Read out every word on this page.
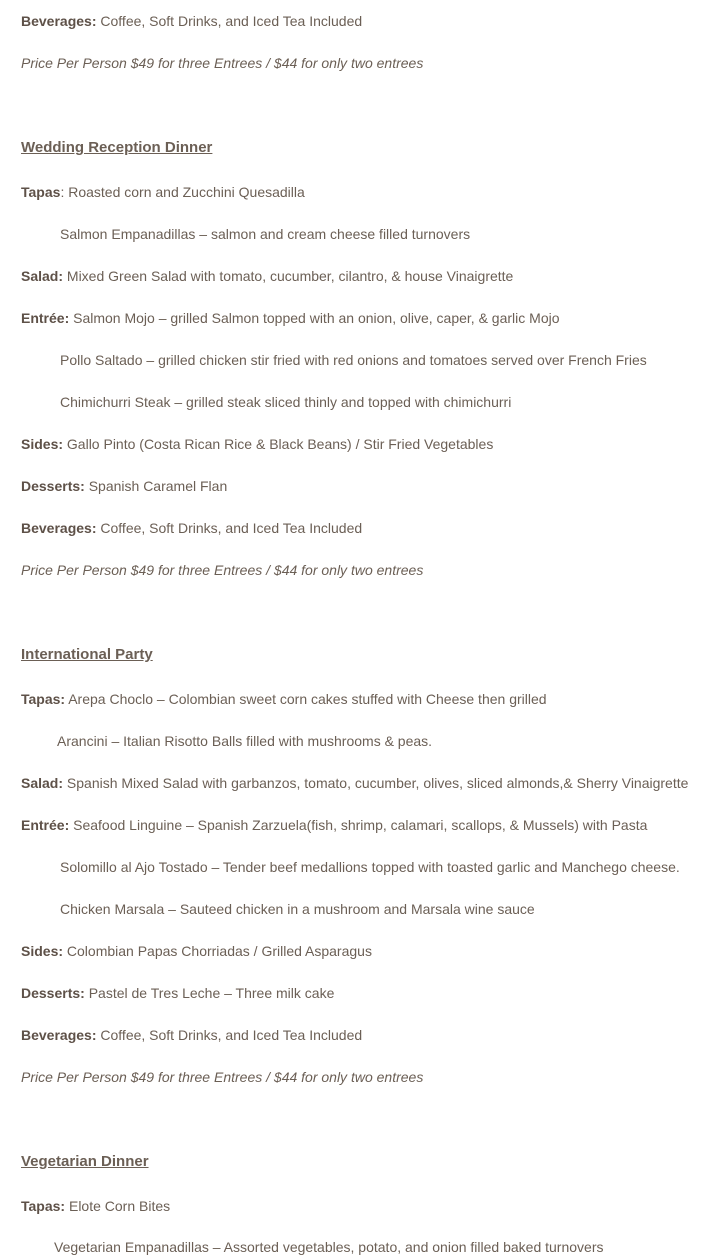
Beverages: Coffee, Soft Drinks, and Iced Tea Included
Price Per Person $49 for three Entrees / $44 for only two entrees
Wedding Reception Dinner
Tapas: Roasted corn and Zucchini Quesadilla
Salmon Empanadillas – salmon and cream cheese filled turnovers
Salad: Mixed Green Salad with tomato, cucumber, cilantro, & house Vinaigrette
Entrée: Salmon Mojo – grilled Salmon topped with an onion, olive, caper, & garlic Mojo
Pollo Saltado – grilled chicken stir fried with red onions and tomatoes served over French Fries
Chimichurri Steak – grilled steak sliced thinly and topped with chimichurri
Sides: Gallo Pinto (Costa Rican Rice & Black Beans) / Stir Fried Vegetables
Desserts: Spanish Caramel Flan
Beverages: Coffee, Soft Drinks, and Iced Tea Included
Price Per Person $49 for three Entrees / $44 for only two entrees
International Party
Tapas: Arepa Choclo – Colombian sweet corn cakes stuffed with Cheese then grilled
Arancini – Italian Risotto Balls filled with mushrooms & peas.
Salad: Spanish Mixed Salad with garbanzos, tomato, cucumber, olives, sliced almonds,& Sherry Vinaigrette
Entrée: Seafood Linguine – Spanish Zarzuela(fish, shrimp, calamari, scallops, & Mussels) with Pasta
Solomillo al Ajo Tostado – Tender beef medallions topped with toasted garlic and Manchego cheese.
Chicken Marsala – Sauteed chicken in a mushroom and Marsala wine sauce
Sides: Colombian Papas Chorriadas / Grilled Asparagus
Desserts: Pastel de Tres Leche – Three milk cake
Beverages: Coffee, Soft Drinks, and Iced Tea Included
Price Per Person $49 for three Entrees / $44 for only two entrees
Vegetarian Dinner
Tapas: Elote Corn Bites
Vegetarian Empanadillas – Assorted vegetables, potato, and onion filled baked turnovers
